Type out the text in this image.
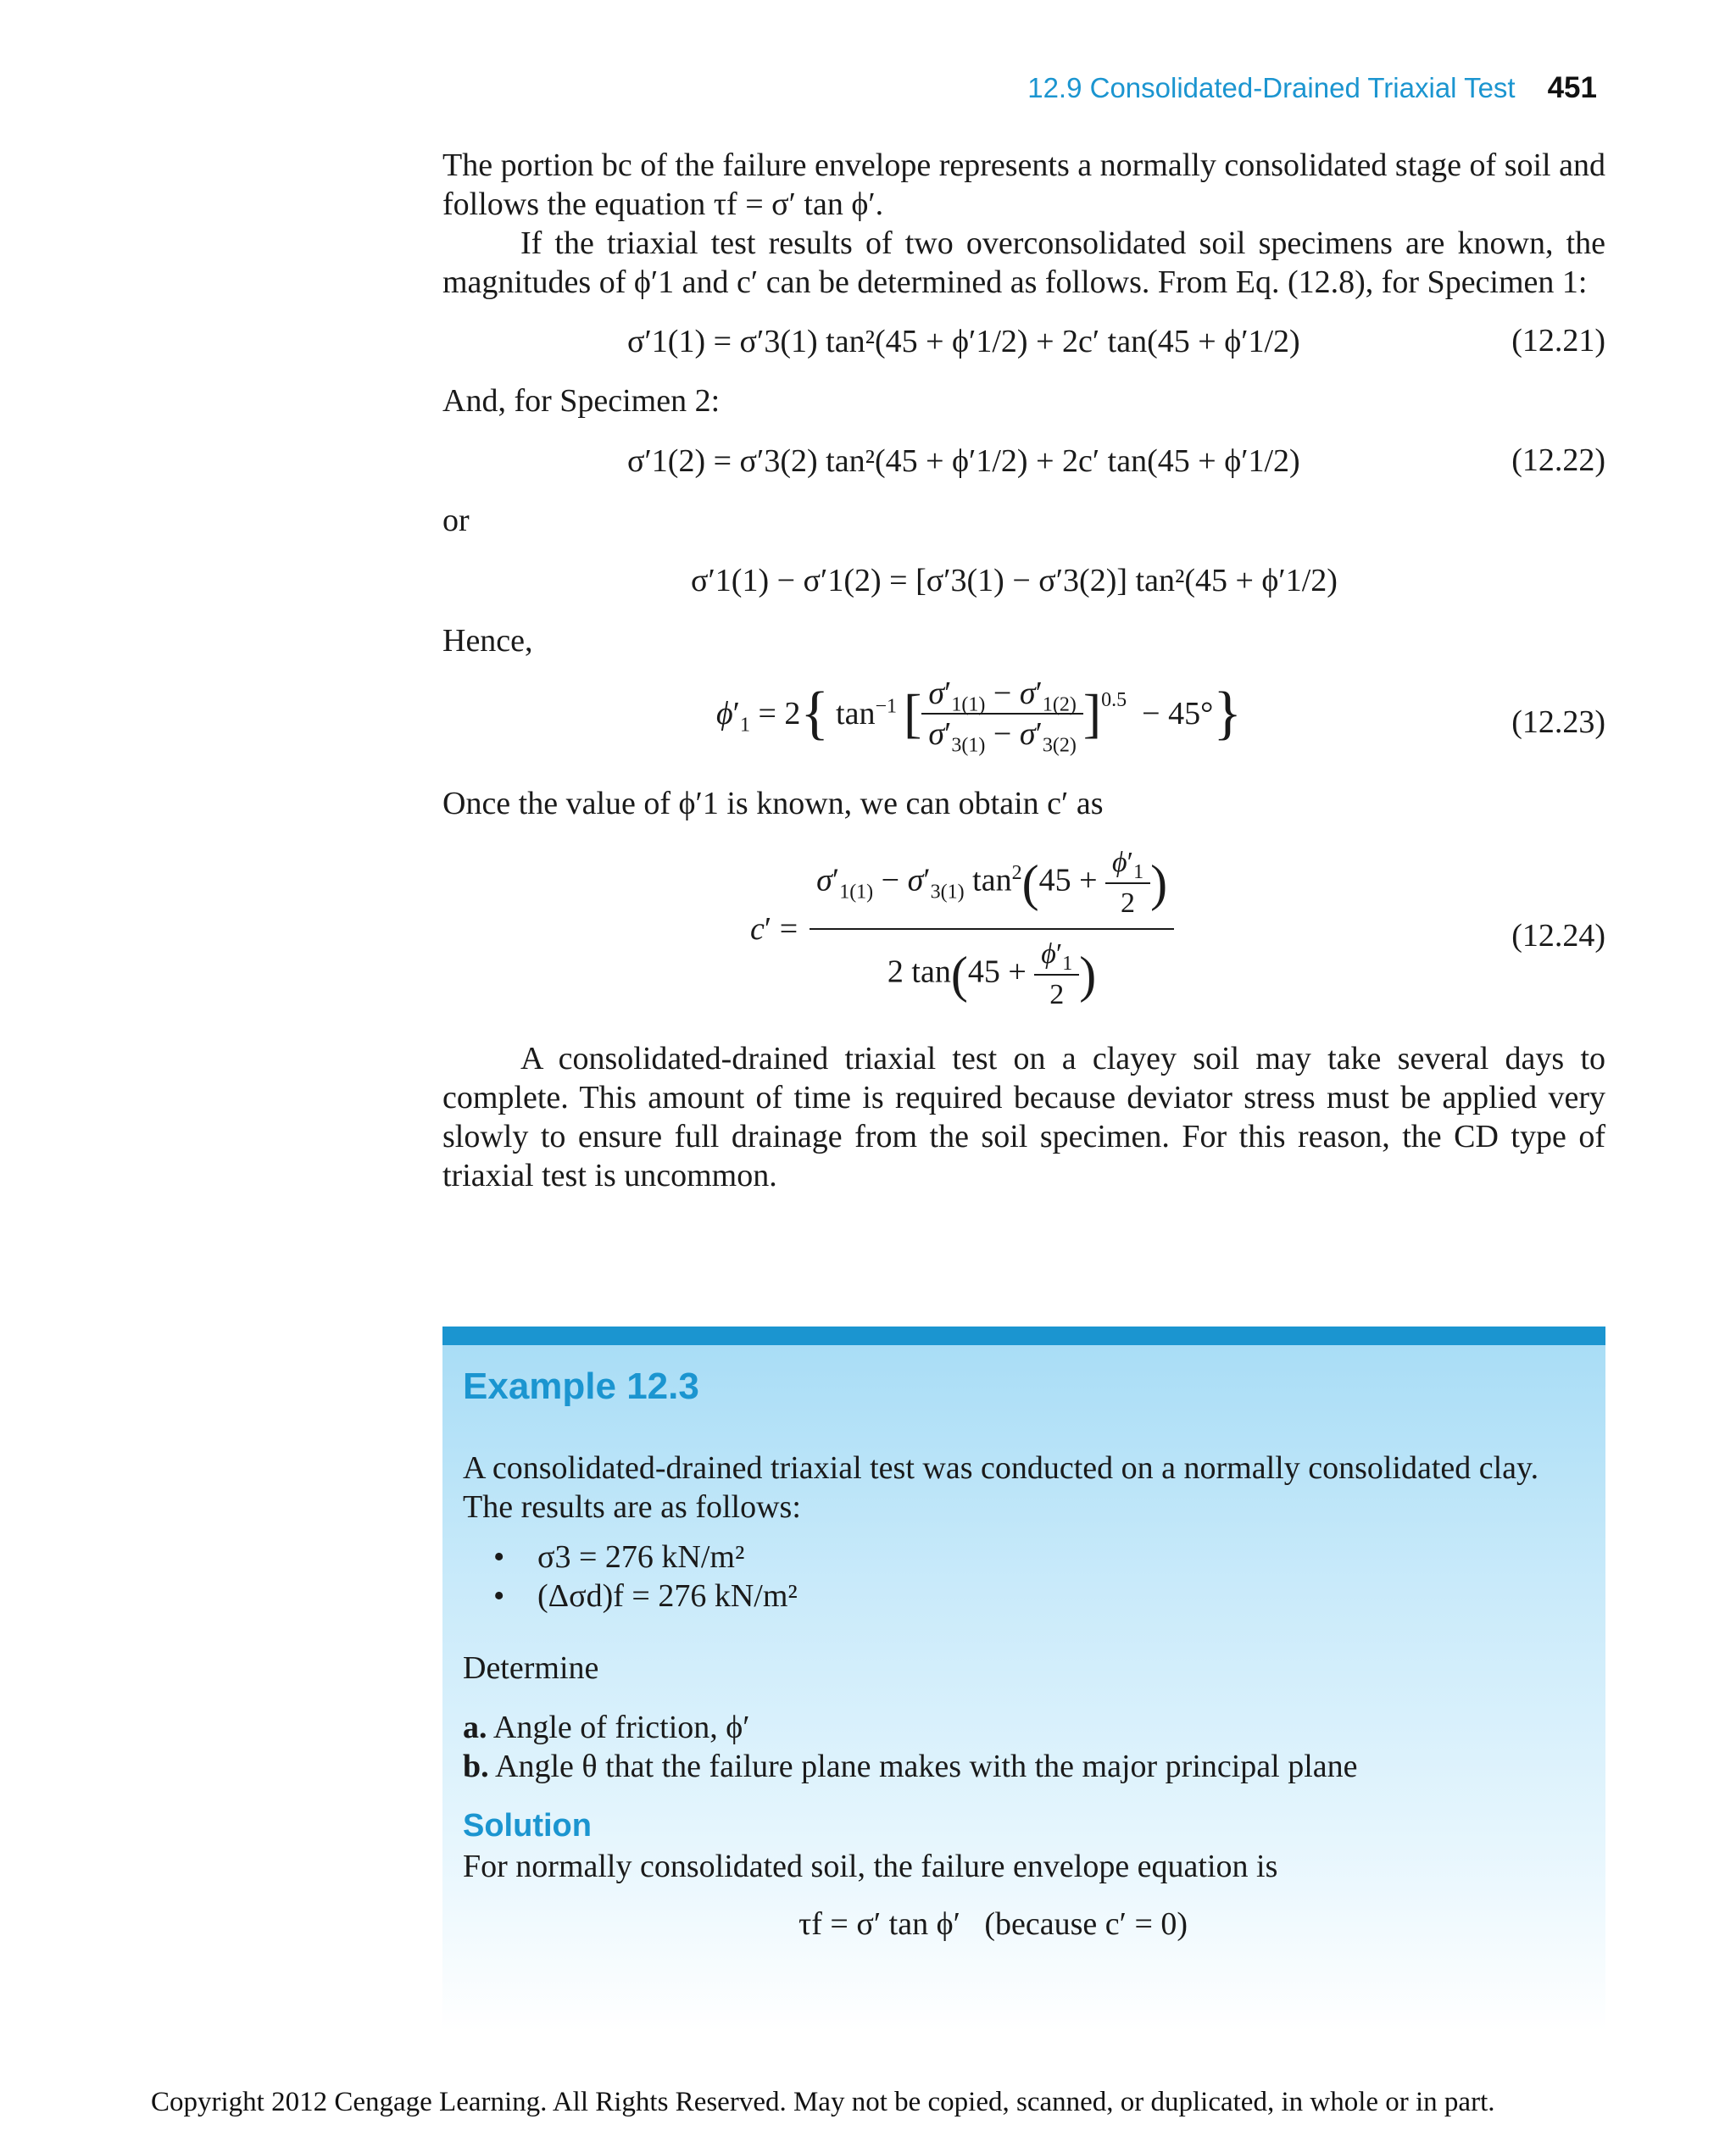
12.9 Consolidated-Drained Triaxial Test 451
The portion bc of the failure envelope represents a normally consolidated stage of soil and follows the equation τf = σ′ tan ϕ′.
If the triaxial test results of two overconsolidated soil specimens are known, the magnitudes of ϕ′1 and c′ can be determined as follows. From Eq. (12.8), for Specimen 1:
σ′1(1) = σ′3(1) tan²(45 + ϕ′1/2) + 2c′ tan(45 + ϕ′1/2)	(12.21)
And, for Specimen 2:
σ′1(2) = σ′3(2) tan²(45 + ϕ′1/2) + 2c′ tan(45 + ϕ′1/2)	(12.22)
or
σ′1(1) − σ′1(2) = [σ′3(1) − σ′3(2)] tan²(45 + ϕ′1/2)
Hence,
$\phi'_1 = 2$ { $\tan^{-1}$ [ $\frac{\sigma'_{1(1)} - \sigma'_{1(2)}}{\sigma'_{3(1)} - \sigma'_{3(2)}}$ ] 0.5 − 45° }	(12.23)
Once the value of ϕ′1 is known, we can obtain c′ as
$c' = \frac{\sigma'_{1(1)} - \sigma'_{3(1)} \tan^2(45 + \frac{\phi'_1}{2} )}{2 \tan(45 + \frac{\phi'_1}{2} )}$	(12.24)
A consolidated-drained triaxial test on a clayey soil may take several days to complete. This amount of time is required because deviator stress must be applied very slowly to ensure full drainage from the soil specimen. For this reason, the CD type of triaxial test is uncommon.
Example 12.3
A consolidated-drained triaxial test was conducted on a normally consolidated clay. The results are as follows:
• σ3 = 276 kN/m²
• (Δσd)f = 276 kN/m²
Determine
a. Angle of friction, ϕ′
b. Angle θ that the failure plane makes with the major principal plane
Solution
For normally consolidated soil, the failure envelope equation is
τf = σ′ tan ϕ′   (because c′ = 0)
Copyright 2012 Cengage Learning. All Rights Reserved. May not be copied, scanned, or duplicated, in whole or in part.
